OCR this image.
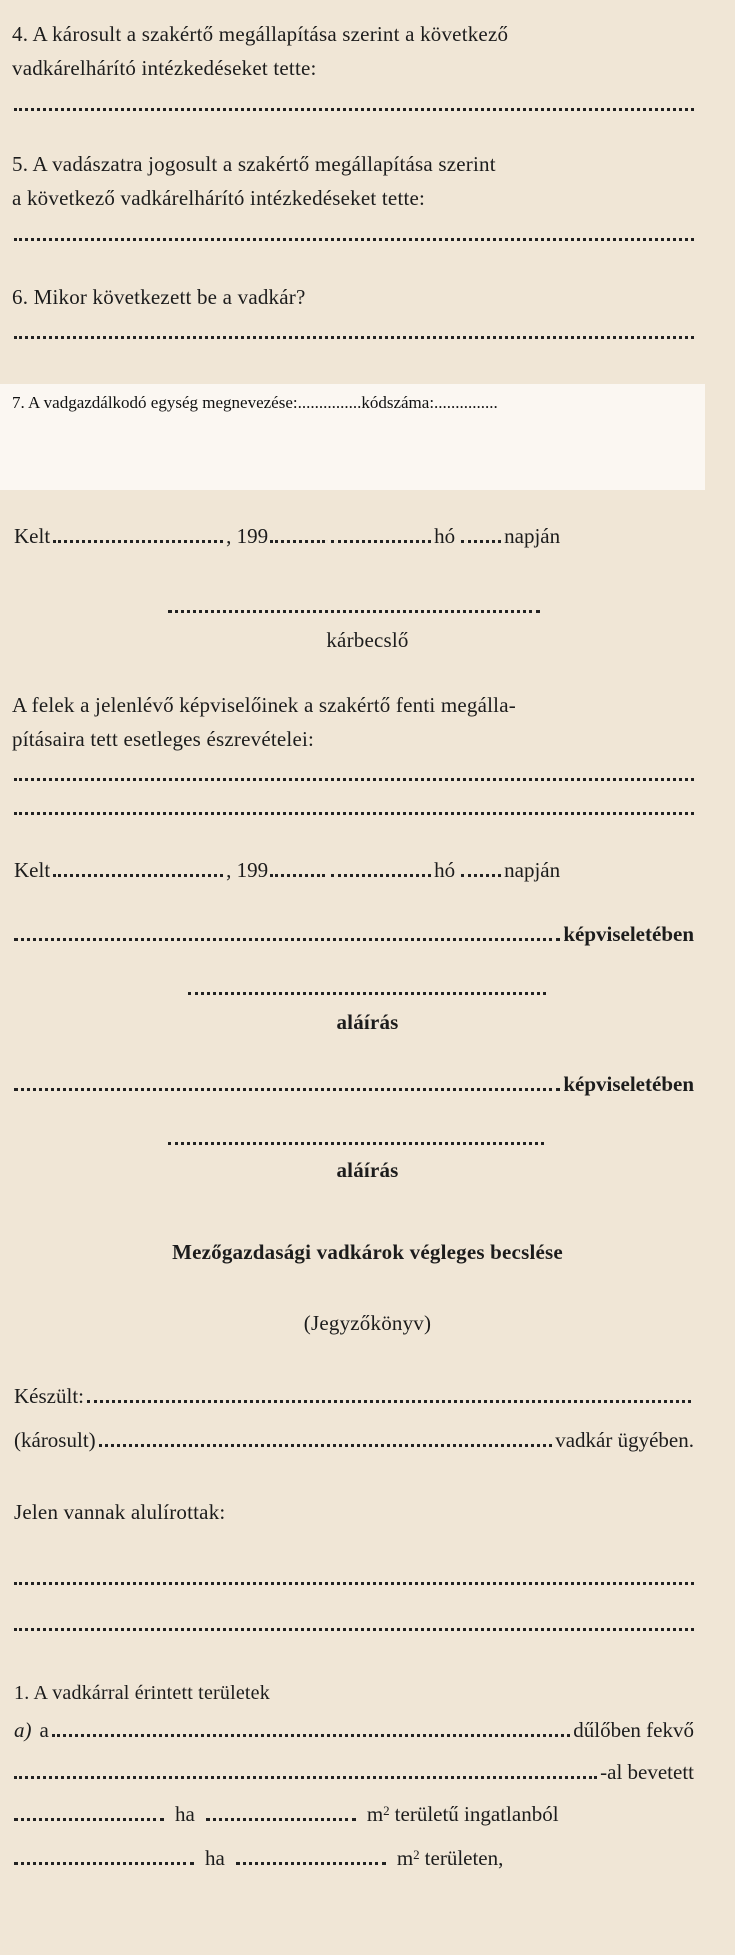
4. A károsult a szakértő megállapítása szerint a következő
vadkárelhárító intézkedéseket tette:
5. A vadászatra jogosult a szakértő megállapítása szerint
a következő vadkárelhárító intézkedéseket tette:
6. Mikor következett be a vadkár?
7. A vadgazdálkodó egység megnevezése:...............kódszáma:...............
Kelt	, 199	hó napján
kárbecslő
A felek a jelenlévő képviselőinek a szakértő fenti megálla-
pításaira tett esetleges észrevételei:
Kelt	, 199	hó napján
képviseletében
aláírás
képviseletében
aláírás
Mezőgazdasági vadkárok végleges becslése
(Jegyzőkönyv)
Készült:
(károsult)	vadkár ügyében.
Jelen vannak alulírottak:
1. A vadkárral érintett területek
a) a	dűlőben fekvő
-al bevetett
ha	$m^2$ területű ingatlanból
ha	$m^2$ területen,
